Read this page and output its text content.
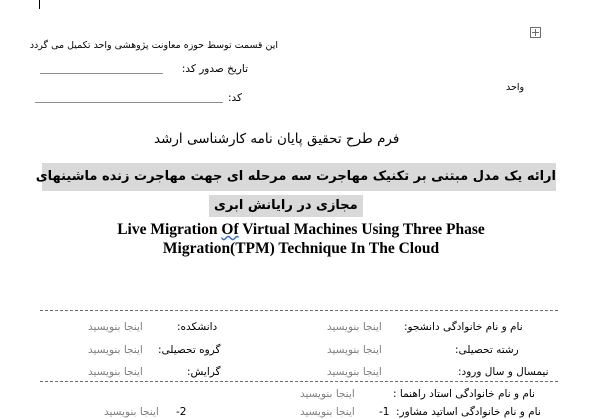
این قسمت توسط حوزه معاونت پژوهشی واحد تکمیل می گردد
تاریخ صدور کد:
واحد
کد:
فرم طرح تحقیق پایان نامه کارشناسی ارشد
ارائه یک مدل مبتنی بر تکنیک مهاجرت سه مرحله ای جهت مهاجرت زنده ماشینهای
مجازی در رایانش ابری
Live Migration Of Virtual Machines Using Three Phase
Migration(TPM) Technique In The Cloud
نام و نام خانوادگی دانشجو:
اینجا بنویسید
دانشکده:
اینجا بنویسید
رشته تحصیلی:
اینجا بنویسید
گروه تحصیلی:
اینجا بنویسید
نیمسال و سال ورود:
اینجا بنویسید
گرایش:
اینجا بنویسید
نام و نام خانوادگی استاد راهنما :
اینجا بنویسید
نام و نام خانوادگی اساتید مشاور:
-1
اینجا بنویسید
-2
اینجا بنویسید
